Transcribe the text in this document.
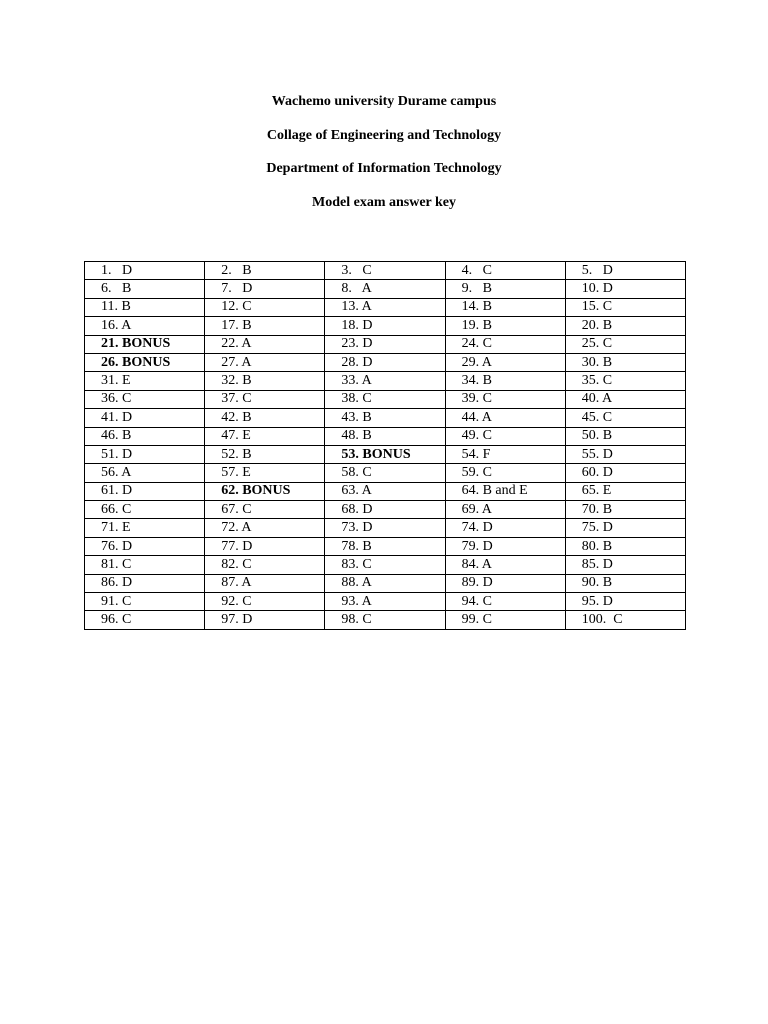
Wachemo university Durame campus
Collage of Engineering and Technology
Department of Information Technology
Model exam answer key
1.   D	2.   B	3.   C	4.   C	5.   D
6.   B	7.   D	8.   A	9.   B	10. D
11. B	12. C	13. A	14. B	15. C
16. A	17. B	18. D	19. B	20. B
21. BONUS	22. A	23. D	24. C	25. C
26. BONUS	27. A	28. D	29. A	30. B
31. E	32. B	33. A	34. B	35. C
36. C	37. C	38. C	39. C	40. A
41. D	42. B	43. B	44. A	45. C
46. B	47. E	48. B	49. C	50. B
51. D	52. B	53. BONUS	54. F	55. D
56. A	57. E	58. C	59. C	60. D
61. D	62. BONUS	63. A	64. B and E	65. E
66. C	67. C	68. D	69. A	70. B
71. E	72. A	73. D	74. D	75. D
76. D	77. D	78. B	79. D	80. B
81. C	82. C	83. C	84. A	85. D
86. D	87. A	88. A	89. D	90. B
91. C	92. C	93. A	94. C	95. D
96. C	97. D	98. C	99. C	100.  C
